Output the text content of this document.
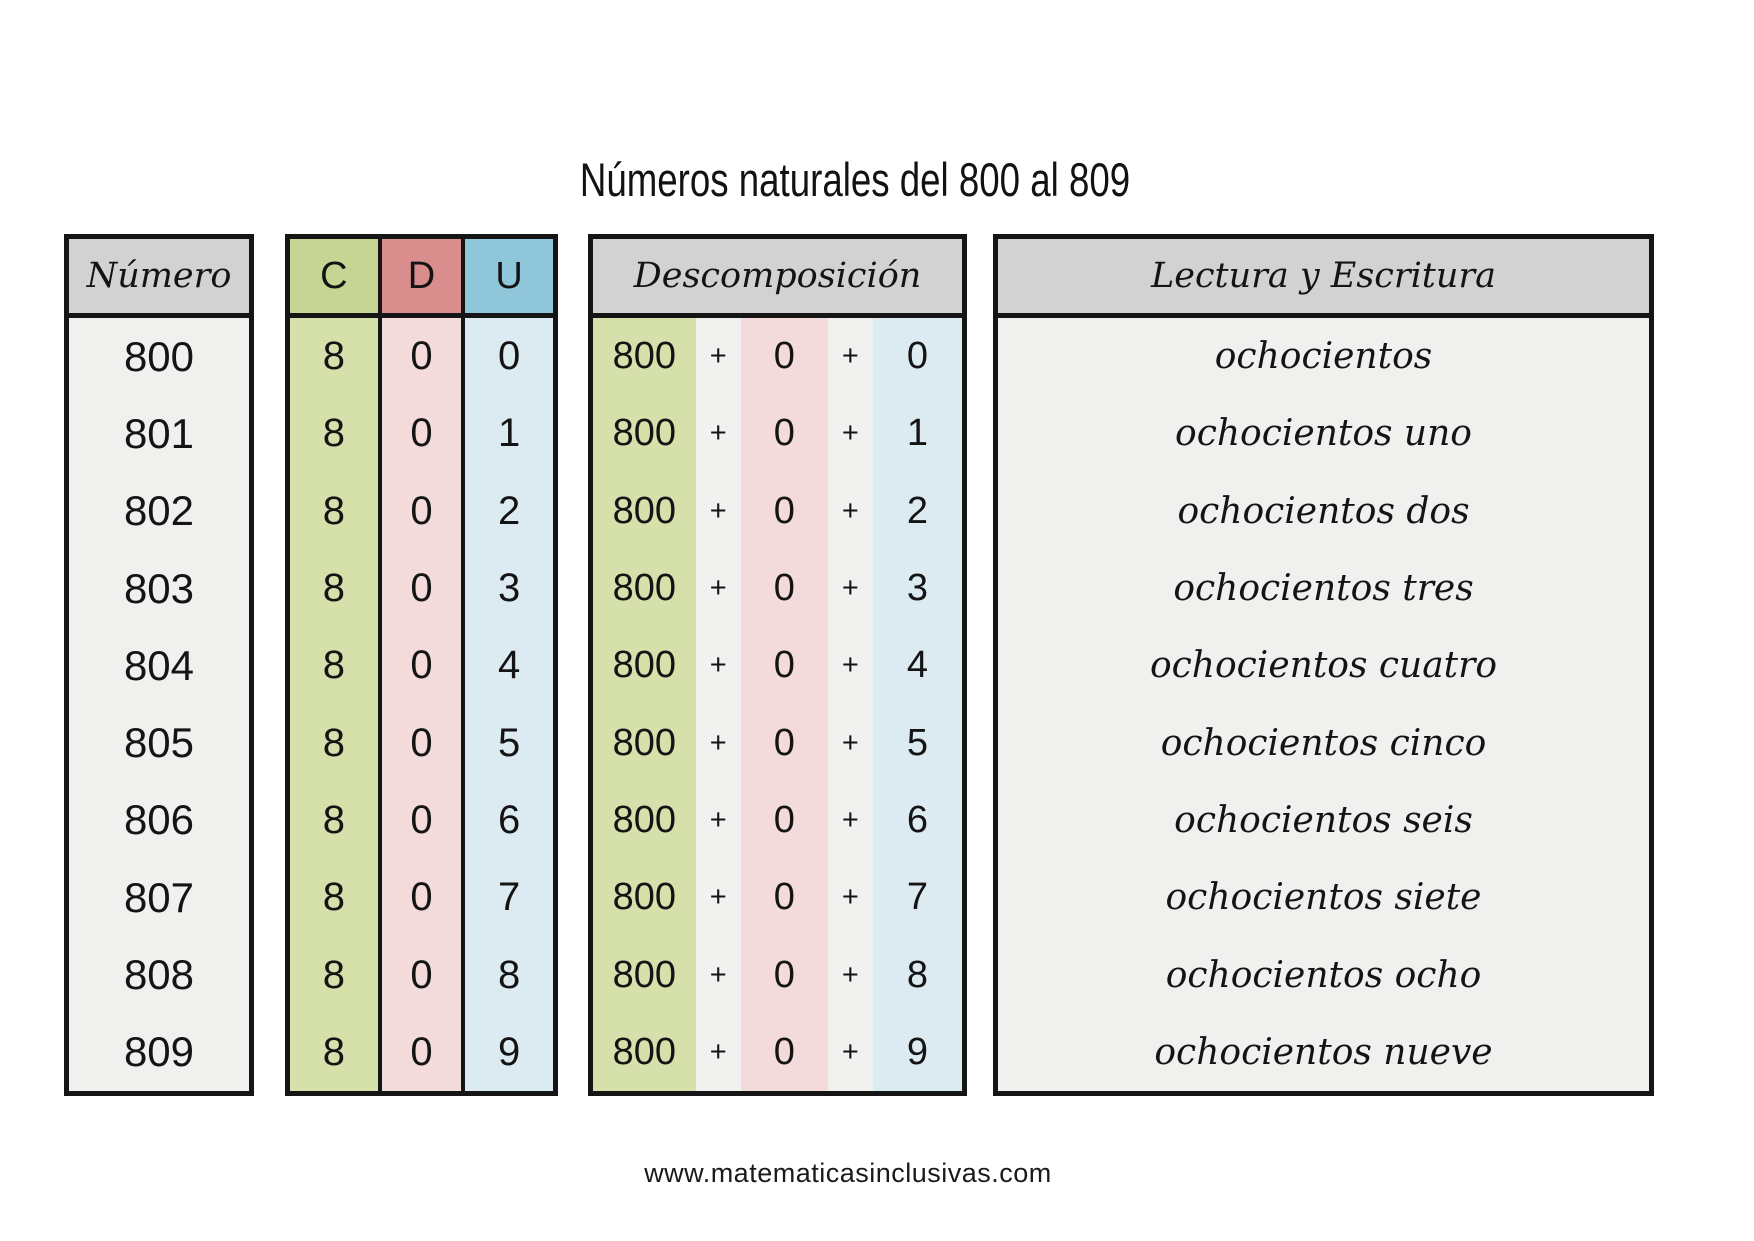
Números naturales del 800 al 809
Número
800
801
802
803
804
805
806
807
808
809
C	D	U
8
8
8
8
8
8
8
8
8
8
0
0
0
0
0
0
0
0
0
0
0
1
2
3
4
5
6
7
8
9
Descomposición
800
800
800
800
800
800
800
800
800
800
+
+
+
+
+
+
+
+
+
+
0
0
0
0
0
0
0
0
0
0
+
+
+
+
+
+
+
+
+
+
0
1
2
3
4
5
6
7
8
9
Lectura y Escritura
ochocientos
ochocientos uno
ochocientos dos
ochocientos tres
ochocientos cuatro
ochocientos cinco
ochocientos seis
ochocientos siete
ochocientos ocho
ochocientos nueve
www.matematicasinclusivas.com
